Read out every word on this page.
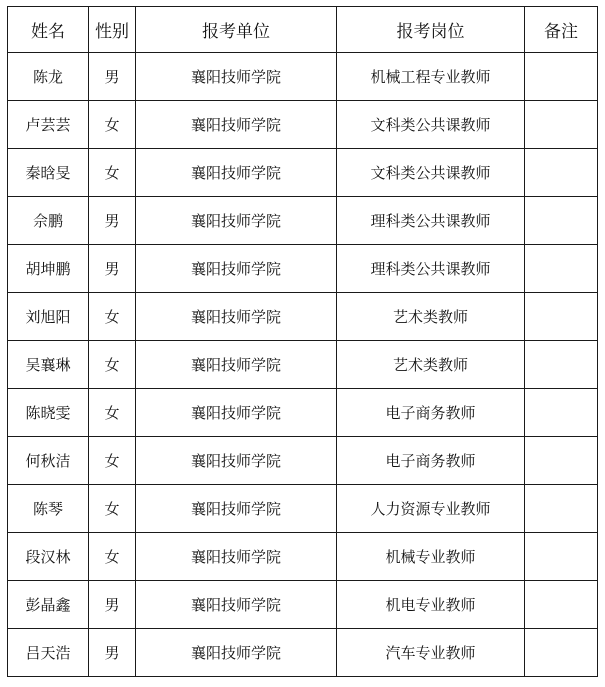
姓名	性别	报考单位	报考岗位	备注
陈龙	男	襄阳技师学院	机械工程专业教师	
卢芸芸	女	襄阳技师学院	文科类公共课教师	
秦晗旻	女	襄阳技师学院	文科类公共课教师	
佘鹏	男	襄阳技师学院	理科类公共课教师	
胡坤鹏	男	襄阳技师学院	理科类公共课教师	
刘旭阳	女	襄阳技师学院	艺术类教师	
吴襄琳	女	襄阳技师学院	艺术类教师	
陈晓雯	女	襄阳技师学院	电子商务教师	
何秋洁	女	襄阳技师学院	电子商务教师	
陈琴	女	襄阳技师学院	人力资源专业教师	
段汉林	女	襄阳技师学院	机械专业教师	
彭晶鑫	男	襄阳技师学院	机电专业教师	
吕天浩	男	襄阳技师学院	汽车专业教师	
